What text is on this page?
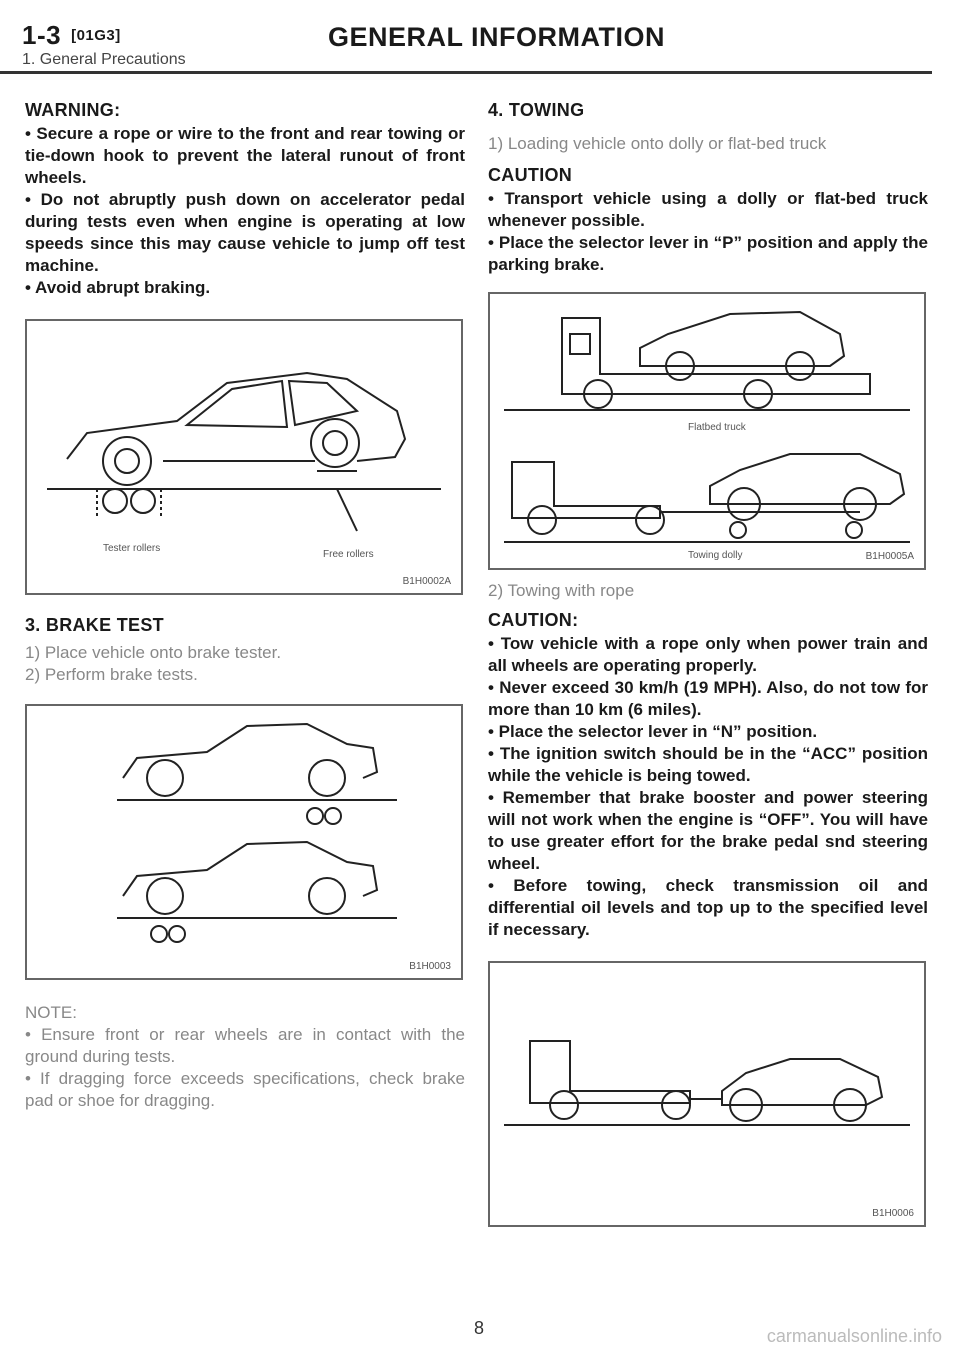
1-3 [01G3]	GENERAL INFORMATION
1. General Precautions
WARNING:

• Secure a rope or wire to the front and rear towing or tie-down hook to prevent the lateral runout of front wheels.

• Do not abruptly push down on accelerator pedal during tests even when engine is operating at low speeds since this may cause vehicle to jump off test machine.

• Avoid abrupt braking.

Tester rollers
Free rollers
B1H0002A
3. BRAKE TEST

1) Place vehicle onto brake tester.

2) Perform brake tests.

B1H0003
NOTE:

• Ensure front or rear wheels are in contact with the ground during tests.

• If dragging force exceeds specifications, check brake pad or shoe for dragging.

4. TOWING

1) Loading vehicle onto dolly or flat-bed truck

CAUTION

• Transport vehicle using a dolly or flat-bed truck whenever possible.

• Place the selector lever in “P” position and apply the parking brake.

Flatbed truck
Towing dolly	B1H0005A

2) Towing with rope

CAUTION:

• Tow vehicle with a rope only when power train and all wheels are operating properly.

• Never exceed 30 km/h (19 MPH). Also, do not tow for more than 10 km (6 miles).

• Place the selector lever in “N” position.

• The ignition switch should be in the “ACC” position while the vehicle is being towed.

• Remember that brake booster and power steering will not work when the engine is “OFF”. You will have to use greater effort for the brake pedal snd steering wheel.

• Before towing, check transmission oil and differential oil levels and top up to the specified level if necessary.

B1H0006
8	carmanualsonline.info
